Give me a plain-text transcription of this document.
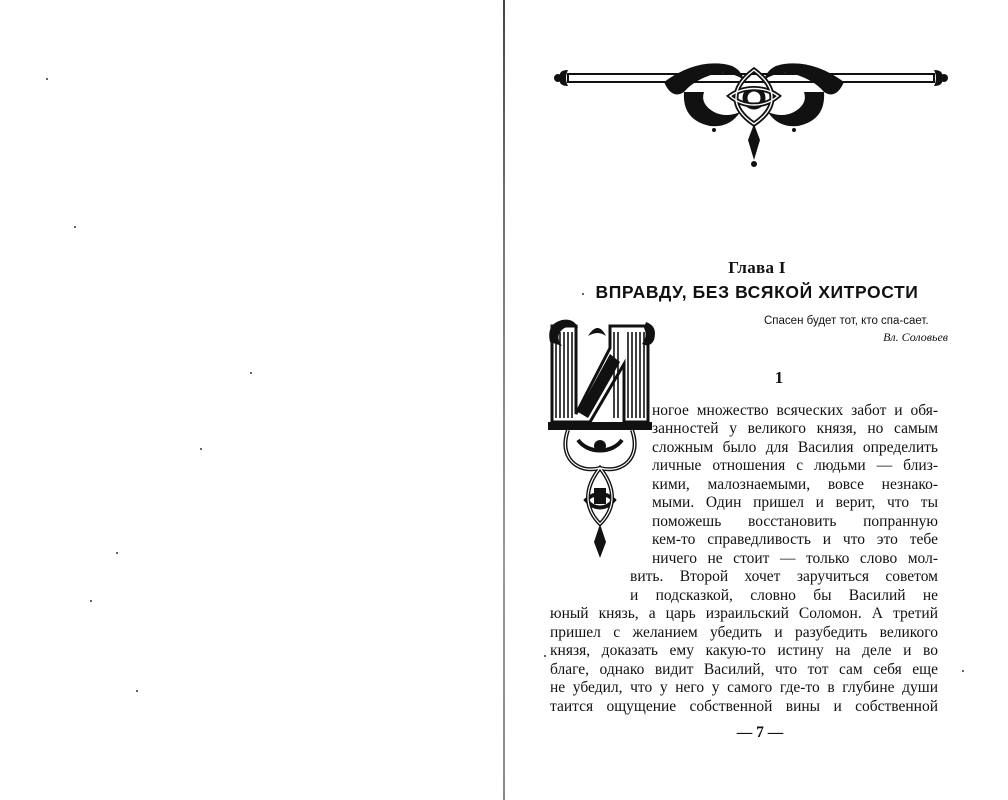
Глава I
ВПРАВДУ, БЕЗ ВСЯКОЙ ХИТРОСТИ
Спасен будет тот, кто спа-сает.
Вл. Соловьев
1
ногое множество всяческих забот и обя-
занностей у великого князя, но самым
сложным было для Василия определить
личные отношения с людьми — близ-
кими, малознаемыми, вовсе незнако-
мыми. Один пришел и верит, что ты
поможешь восстановить попранную
кем-то справедливость и что это тебе
ничего не стоит — только слово мол-
вить. Второй хочет заручиться советом
и подсказкой, словно бы Василий не
юный князь, а царь израильский Соломон. А третий
пришел с желанием убедить и разубедить великого
князя, доказать ему какую-то истину на деле и во
благе, однако видит Василий, что тот сам себя еще
не убедил, что у него у самого где-то в глубине души
таится ощущение собственной вины и собственной
— 7 —
